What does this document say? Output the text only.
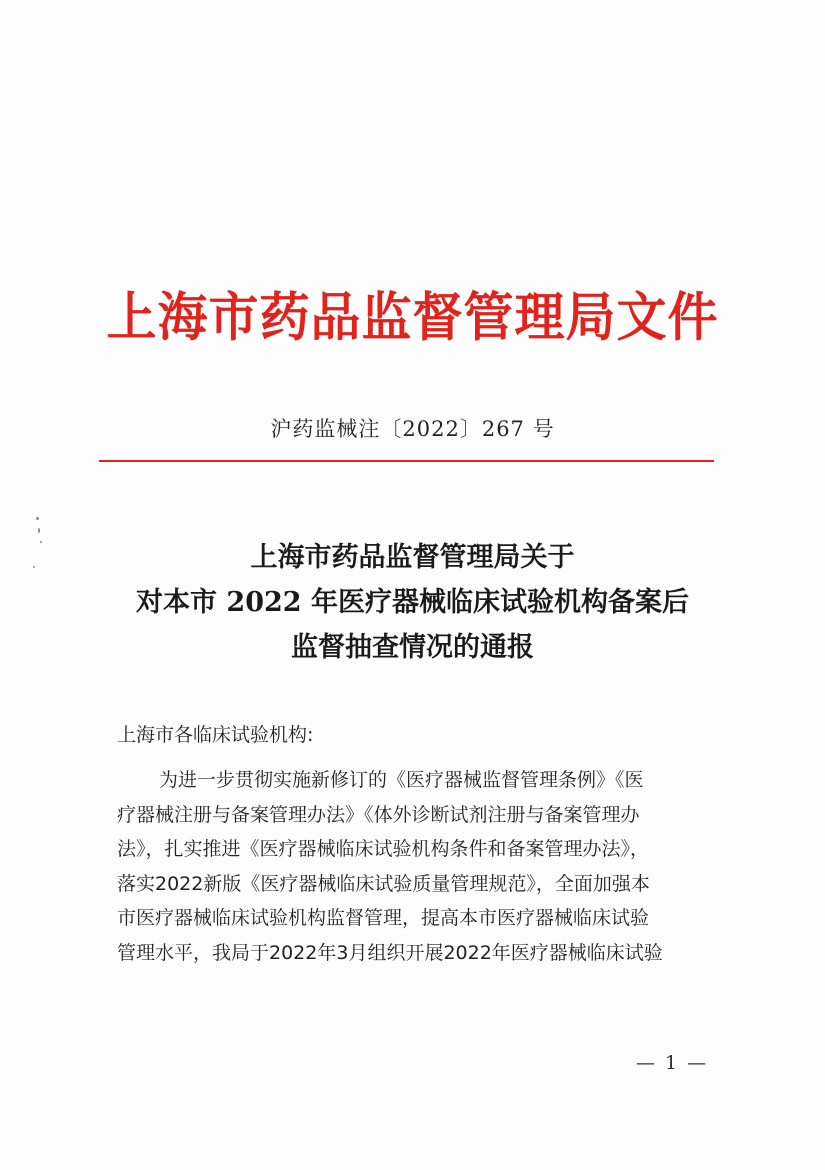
上海市药品监督管理局文件
沪药监械注〔2022〕267 号
上海市药品监督管理局关于
对本市 2022 年医疗器械临床试验机构备案后
监督抽查情况的通报
上海市各临床试验机构:
为进一步贯彻实施新修订的《医疗器械监督管理条例》《医
疗器械注册与备案管理办法》《体外诊断试剂注册与备案管理办
法》，扎实推进《医疗器械临床试验机构条件和备案管理办法》，
落实2022新版《医疗器械临床试验质量管理规范》，全面加强本
市医疗器械临床试验机构监督管理，提高本市医疗器械临床试验
管理水平，我局于2022年3月组织开展2022年医疗器械临床试验
— 1 —
